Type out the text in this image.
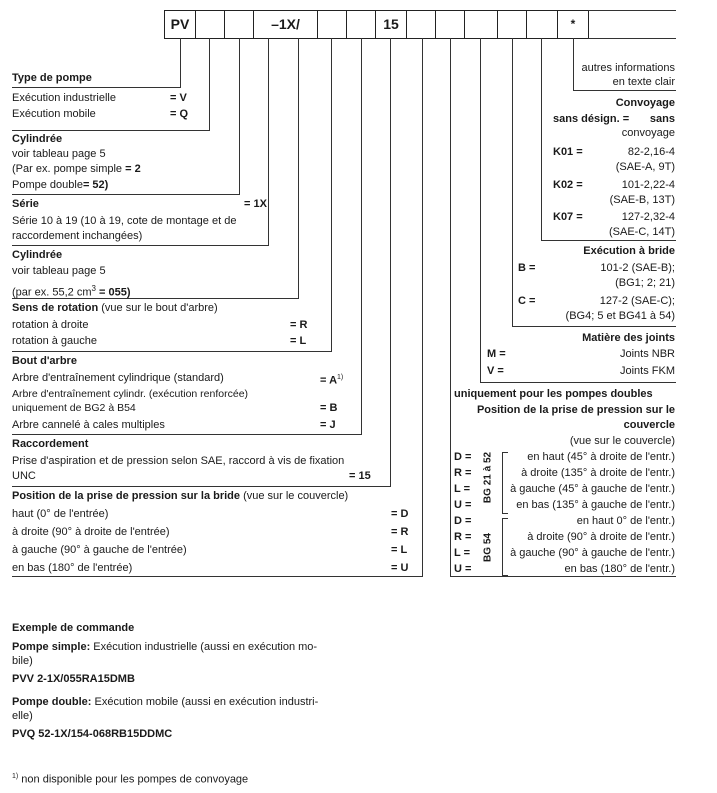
PV	–1X/	15	*
Type de pompe
Exécution industrielle	= V
Exécution mobile	= Q
Cylindrée
voir tableau page 5
(Par ex. pompe simple = 2
Pompe double= 52)
Série	= 1X
Série 10 à 19 (10 à 19, cote de montage et de
raccordement inchangées)
Cylindrée
voir tableau page 5
(par ex. 55,2 $cm^3 = 055$)
Sens de rotation (vue sur le bout d'arbre)
rotation à droite	= R
rotation à gauche	= L
Bout d'arbre
Arbre d'entraînement cylindrique (standard)	= $A^{1)}$
Arbre d'entraînement cylindr. (exécution renforcée)
uniquement de BG2 à B54	= B
Arbre cannelé à cales multiples	= J
Raccordement
Prise d'aspiration et de pression selon SAE, raccord à vis de fixation
UNC	= 15
Position de la prise de pression sur la bride (vue sur le couvercle)
haut (0° de l'entrée)	= D
à droite (90° à droite de l'entrée)	= R
à gauche (90° à gauche de l'entrée)	= L
en bas (180° de l'entrée)	= U
autres informations
en texte clair
Convoyage
sans désign. = sans
convoyage
K01 =	82-2,16-4
(SAE-A, 9T)
K02 =	101-2,22-4
(SAE-B, 13T)
K07 =	127-2,32-4
(SAE-C, 14T)
Exécution à bride
B =	101-2 (SAE-B);
(BG1; 2; 21)
C =	127-2 (SAE-C);
(BG4; 5 et BG41 à 54)
Matière des joints
M =	Joints NBR
V =	Joints FKM
uniquement pour les pompes doubles
Position de la prise de pression sur le
couvercle
(vue sur le couvercle)
D =	en haut (45° à droite de l'entr.)
R =	à droite (135° à droite de l'entr.)
L =	à gauche (45° à gauche de l'entr.)
U =	en bas (135° à gauche de l'entr.)
BG 21 à 52
D =	en haut 0° de l'entr.)
R =	à droite (90° à droite de l'entr.)
L =	à gauche (90° à gauche de l'entr.)
U =	en bas (180° de l'entr.)
BG 54
Exemple de commande
Pompe simple: Exécution industrielle (aussi en exécution mo-
bile)
PVV 2-1X/055RA15DMB
Pompe double: Exécution mobile (aussi en exécution industri-
elle)
PVQ 52-1X/154-068RB15DDMC
$^{1)}$ non disponible pour les pompes de convoyage
